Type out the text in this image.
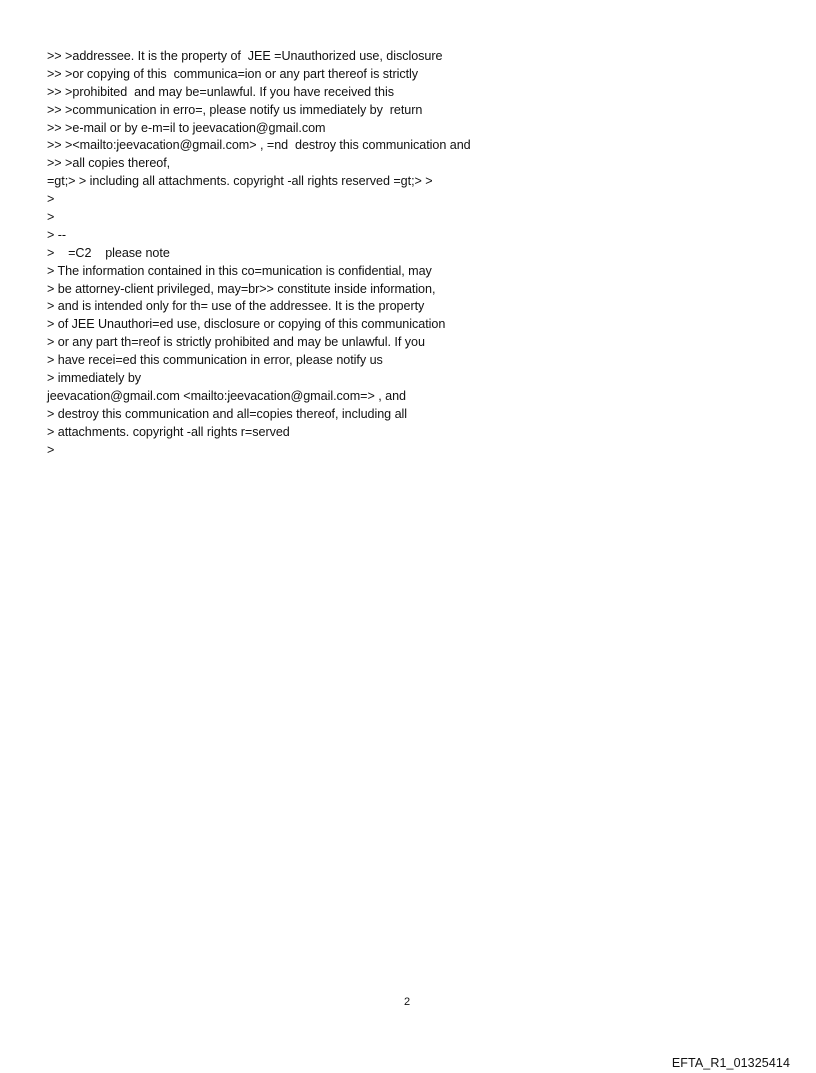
>> >addressee. It is the property of  JEE =Unauthorized use, disclosure
>> >or copying of this  communica=ion or any part thereof is strictly
>> >prohibited  and may be=unlawful. If you have received this
>> >communication in erro=, please notify us immediately by  return
>> >e-mail or by e-m=il to jeevacation@gmail.com
>> ><mailto:jeevacation@gmail.com> , =nd  destroy this communication and
>> >all copies thereof,
=gt;> > including all attachments. copyright -all rights reserved =gt;> >
>
>
> --
>    =C2    please note
> The information contained in this co=munication is confidential, may
> be attorney-client privileged, may=br>> constitute inside information,
> and is intended only for th= use of the addressee. It is the property
> of JEE Unauthori=ed use, disclosure or copying of this communication
> or any part th=reof is strictly prohibited and may be unlawful. If you
> have recei=ed this communication in error, please notify us
> immediately by
jeevacation@gmail.com <mailto:jeevacation@gmail.com=> , and
> destroy this communication and all=copies thereof, including all
> attachments. copyright -all rights r=served
>
2
EFTA_R1_01325414
